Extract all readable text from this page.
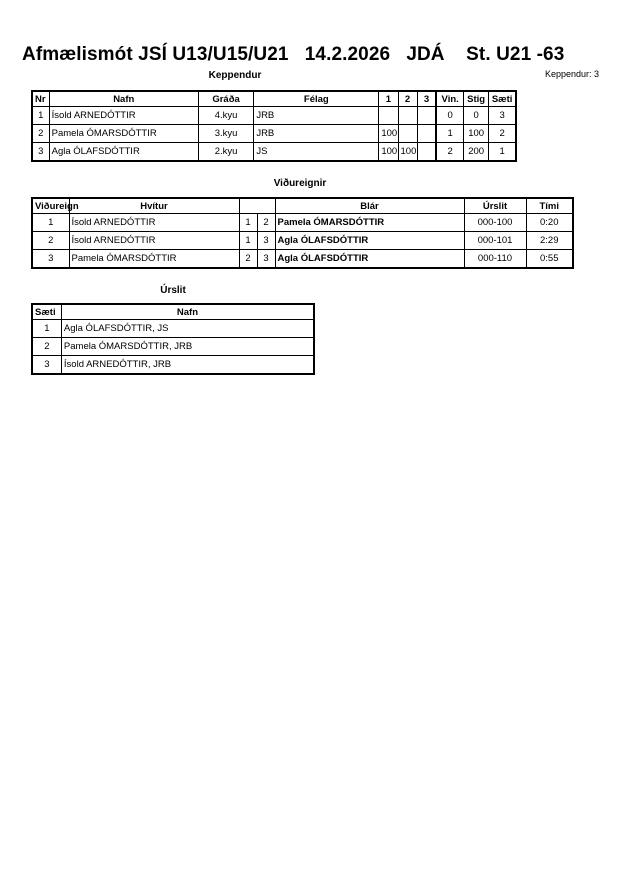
Afmælismót JSÍ U13/U15/U21 14.2.2026 JDÁ St. U21 -63
Keppendur: 3
Keppendur
Nr	Nafn	Gráða	Félag	1	2	3	Vin.	Stig	Sæti
1	Ísold ARNEDÓTTIR	4.kyu	JRB				0	0	3
2	Pamela ÓMARSDÓTTIR	3.kyu	JRB	100			1	100	2
3	Agla ÓLAFSDÓTTIR	2.kyu	JS	100	100		2	200	1
Viðureignir
Viðureign	Hvítur			Blár	Úrslit	Tími
1	Ísold ARNEDÓTTIR	1	2	Pamela ÓMARSDÓTTIR	000-100	0:20
2	Ísold ARNEDÓTTIR	1	3	Agla ÓLAFSDÓTTIR	000-101	2:29
3	Pamela ÓMARSDÓTTIR	2	3	Agla ÓLAFSDÓTTIR	000-110	0:55
Úrslit
Sæti	Nafn
1	Agla ÓLAFSDÓTTIR, JS
2	Pamela ÓMARSDÓTTIR, JRB
3	Ísold ARNEDÓTTIR, JRB
